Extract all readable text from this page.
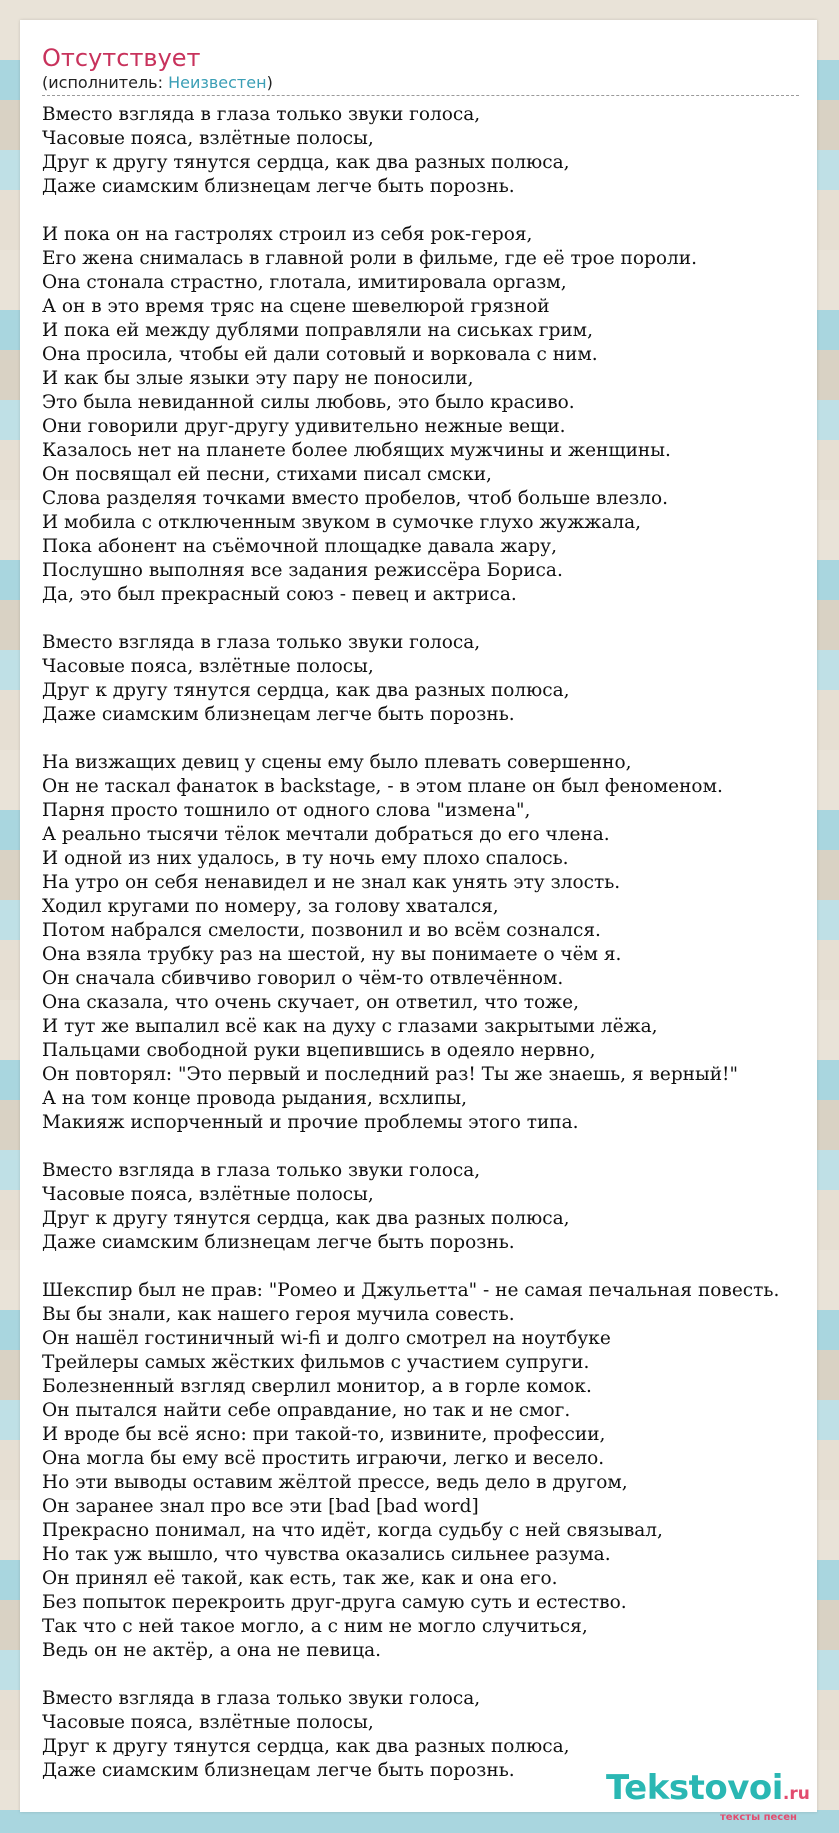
Отсутствует
(исполнитель: Неизвестен)
Вместо взгляда в глаза только звуки голоса,
Часовые пояса, взлётные полосы,
Друг к другу тянутся сердца, как два разных полюса,
Даже сиамским близнецам легче быть порознь.
И пока он на гастролях строил из себя рок-героя,
Его жена снималась в главной роли в фильме, где её трое пороли.
Она стонала страстно, глотала, имитировала оргазм,
А он в это время тряс на сцене шевелюрой грязной
И пока ей между дублями поправляли на сиськах грим,
Она просила, чтобы ей дали сотовый и ворковала с ним.
И как бы злые языки эту пару не поносили,
Это была невиданной силы любовь, это было красиво.
Они говорили друг-другу удивительно нежные вещи.
Казалось нет на планете более любящих мужчины и женщины.
Он посвящал ей песни, стихами писал смски,
Слова разделяя точками вместо пробелов, чтоб больше влезло.
И мобила с отключенным звуком в сумочке глухо жужжала,
Пока абонент на съёмочной площадке давала жару,
Послушно выполняя все задания режиссёра Бориса.
Да, это был прекрасный союз - певец и актриса.
Вместо взгляда в глаза только звуки голоса,
Часовые пояса, взлётные полосы,
Друг к другу тянутся сердца, как два разных полюса,
Даже сиамским близнецам легче быть порознь.
На визжащих девиц у сцены ему было плевать совершенно,
Он не таскал фанаток в backstage, - в этом плане он был феноменом.
Парня просто тошнило от одного слова "измена",
А реально тысячи тёлок мечтали добраться до его члена.
И одной из них удалось, в ту ночь ему плохо спалось.
На утро он себя ненавидел и не знал как унять эту злость.
Ходил кругами по номеру, за голову хватался,
Потом набрался смелости, позвонил и во всём сознался.
Она взяла трубку раз на шестой, ну вы понимаете о чём я.
Он сначала сбивчиво говорил о чём-то отвлечённом.
Она сказала, что очень скучает, он ответил, что тоже,
И тут же выпалил всё как на духу с глазами закрытыми лёжа,
Пальцами свободной руки вцепившись в одеяло нервно,
Он повторял: "Это первый и последний раз! Ты же знаешь, я верный!"
А на том конце провода рыдания, всхлипы,
Макияж испорченный и прочие проблемы этого типа.
Вместо взгляда в глаза только звуки голоса,
Часовые пояса, взлётные полосы,
Друг к другу тянутся сердца, как два разных полюса,
Даже сиамским близнецам легче быть порознь.
Шекспир был не прав: "Ромео и Джульетта" - не самая печальная повесть.
Вы бы знали, как нашего героя мучила совесть.
Он нашёл гостиничный wi-fi и долго смотрел на ноутбуке
Трейлеры самых жёстких фильмов с участием супруги.
Болезненный взгляд сверлил монитор, а в горле комок.
Он пытался найти себе оправдание, но так и не смог.
И вроде бы всё ясно: при такой-то, извините, профессии,
Она могла бы ему всё простить играючи, легко и весело.
Но эти выводы оставим жёлтой прессе, ведь дело в другом,
Он заранее знал про все эти [bad [bad word]
Прекрасно понимал, на что идёт, когда судьбу с ней связывал,
Но так уж вышло, что чувства оказались сильнее разума.
Он принял её такой, как есть, так же, как и она его.
Без попыток перекроить друг-друга самую суть и естество.
Так что с ней такое могло, а с ним не могло случиться,
Ведь он не актёр, а она не певица.
Вместо взгляда в глаза только звуки голоса,
Часовые пояса, взлётные полосы,
Друг к другу тянутся сердца, как два разных полюса,
Даже сиамским близнецам легче быть порознь.	Tekstovoi.ru
тексты песен
